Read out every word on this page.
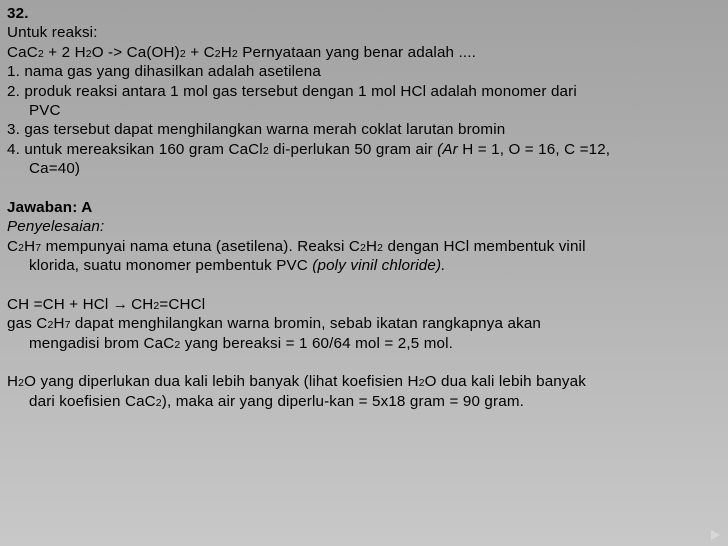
32.
Untuk reaksi:
CaC2 + 2 H2O -> Ca(OH)2 + C2H2 Pernyataan yang benar adalah ....
1. nama gas yang dihasilkan adalah asetilena
2. produk reaksi antara 1 mol gas tersebut dengan 1 mol HCl adalah monomer dari
PVC
3. gas tersebut dapat menghilangkan warna merah coklat larutan bromin
4. untuk mereaksikan 160 gram CaCl2 di-perlukan 50 gram air (Ar H = 1, O = 16, C =12,
Ca=40)
Jawaban: A
Penyelesaian:
C2H7 mempunyai nama etuna (asetilena). Reaksi C2H2 dengan HCl membentuk vinil
klorida, suatu monomer pembentuk PVC (poly vinil chloride).
CH =CH + HCl → CH2=CHCl
gas C2H7 dapat menghilangkan warna bromin, sebab ikatan rangkapnya akan
mengadisi brom CaC2 yang bereaksi = 1 60/64 mol = 2,5 mol.
H2O yang diperlukan dua kali lebih banyak (lihat koefisien H2O dua kali lebih banyak
dari koefisien CaC2), maka air yang diperlu-kan = 5x18 gram = 90 gram.
